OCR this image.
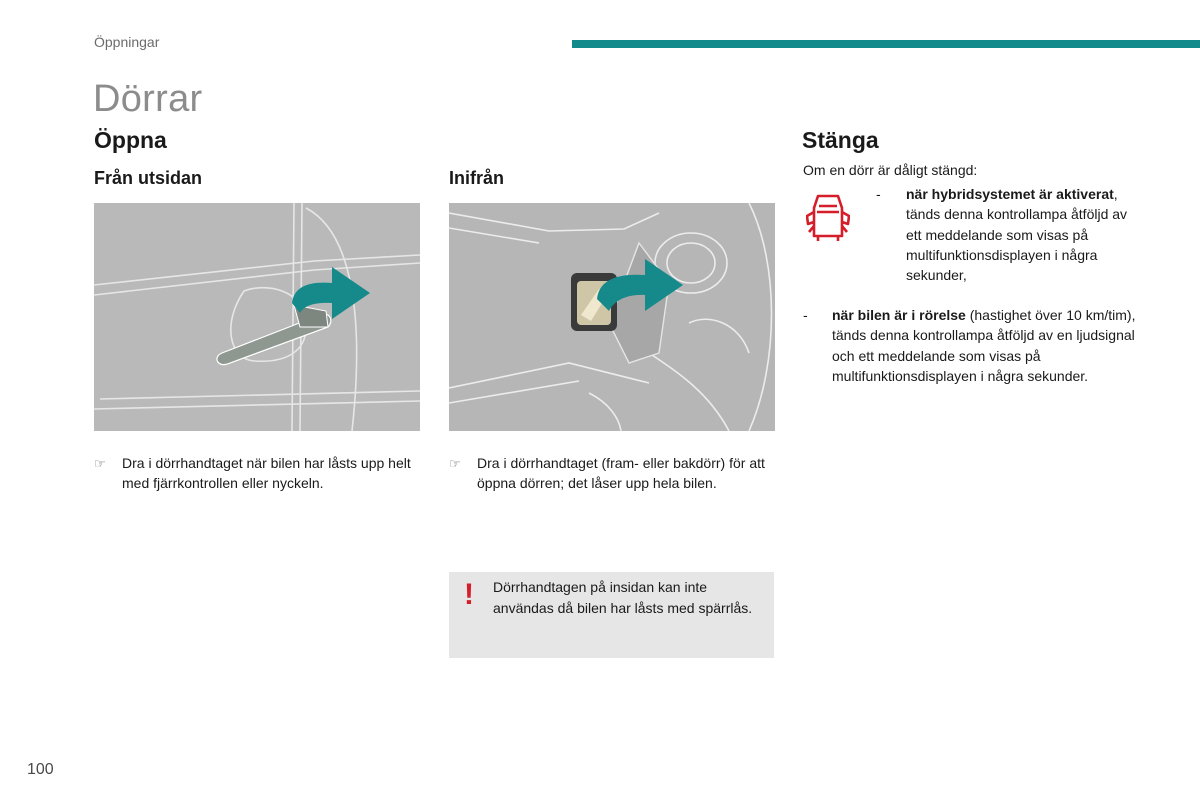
Öppningar
Dörrar
Öppna	Stänga
Från utsidan	Inifrån
☞	Dra i dörrhandtaget när bilen har låsts upp helt med fjärrkontrollen eller nyckeln.
☞	Dra i dörrhandtaget (fram- eller bakdörr) för att öppna dörren; det låser upp hela bilen.
! Dörrhandtagen på insidan kan inte användas då bilen har låsts med spärrlås.
Om en dörr är dåligt stängd:
-	när hybridsystemet är aktiverat, tänds denna kontrollampa åtföljd av ett meddelande som visas på multifunktionsdisplayen i några sekunder,
-	när bilen är i rörelse (hastighet över 10 km/tim), tänds denna kontrollampa åtföljd av en ljudsignal och ett meddelande som visas på multifunktionsdisplayen i några sekunder.
100
